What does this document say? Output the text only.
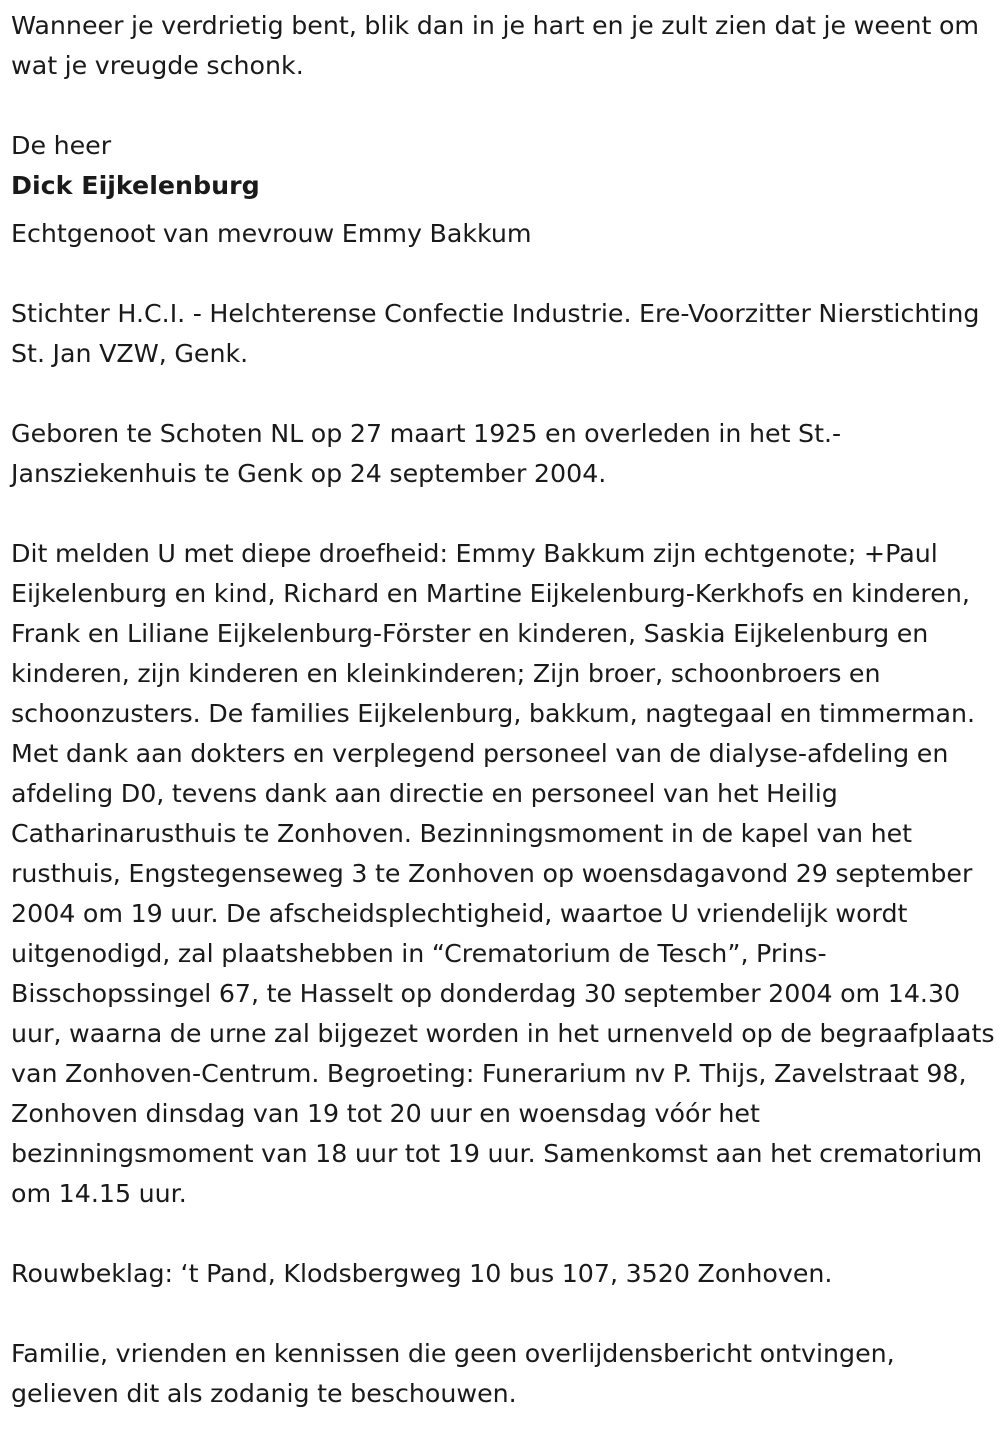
Wanneer je verdrietig bent, blik dan in je hart en je zult zien dat je weent om wat je vreugde schonk.

De heer

Dick Eijkelenburg

Echtgenoot van mevrouw Emmy Bakkum

Stichter H.C.I. - Helchterense Confectie Industrie. Ere-Voorzitter Nierstichting St. Jan VZW, Genk.

Geboren te Schoten NL op 27 maart 1925 en overleden in het St.-Jansziekenhuis te Genk op 24 september 2004.

Dit melden U met diepe droefheid: Emmy Bakkum zijn echtgenote; +Paul Eijkelenburg en kind, Richard en Martine Eijkelenburg-Kerkhofs en kinderen, Frank en Liliane Eijkelenburg-Förster en kinderen, Saskia Eijkelenburg en kinderen, zijn kinderen en kleinkinderen; Zijn broer, schoonbroers en schoonzusters. De families Eijkelenburg, bakkum, nagtegaal en timmerman. Met dank aan dokters en verplegend personeel van de dialyse-afdeling en afdeling D0, tevens dank aan directie en personeel van het Heilig Catharinarusthuis te Zonhoven. Bezinningsmoment in de kapel van het rusthuis, Engstegenseweg 3 te Zonhoven op woensdagavond 29 september 2004 om 19 uur. De afscheidsplechtigheid, waartoe U vriendelijk wordt uitgenodigd, zal plaatshebben in “Crematorium de Tesch”, Prins-Bisschopssingel 67, te Hasselt op donderdag 30 september 2004 om 14.30 uur, waarna de urne zal bijgezet worden in het urnenveld op de begraafplaats van Zonhoven-Centrum. Begroeting: Funerarium nv P. Thijs, Zavelstraat 98, Zonhoven dinsdag van 19 tot 20 uur en woensdag vóór het bezinningsmoment van 18 uur tot 19 uur. Samenkomst aan het crematorium om 14.15 uur.

Rouwbeklag: ‘t Pand, Klodsbergweg 10 bus 107, 3520 Zonhoven.

Familie, vrienden en kennissen die geen overlijdensbericht ontvingen, gelieven dit als zodanig te beschouwen.
